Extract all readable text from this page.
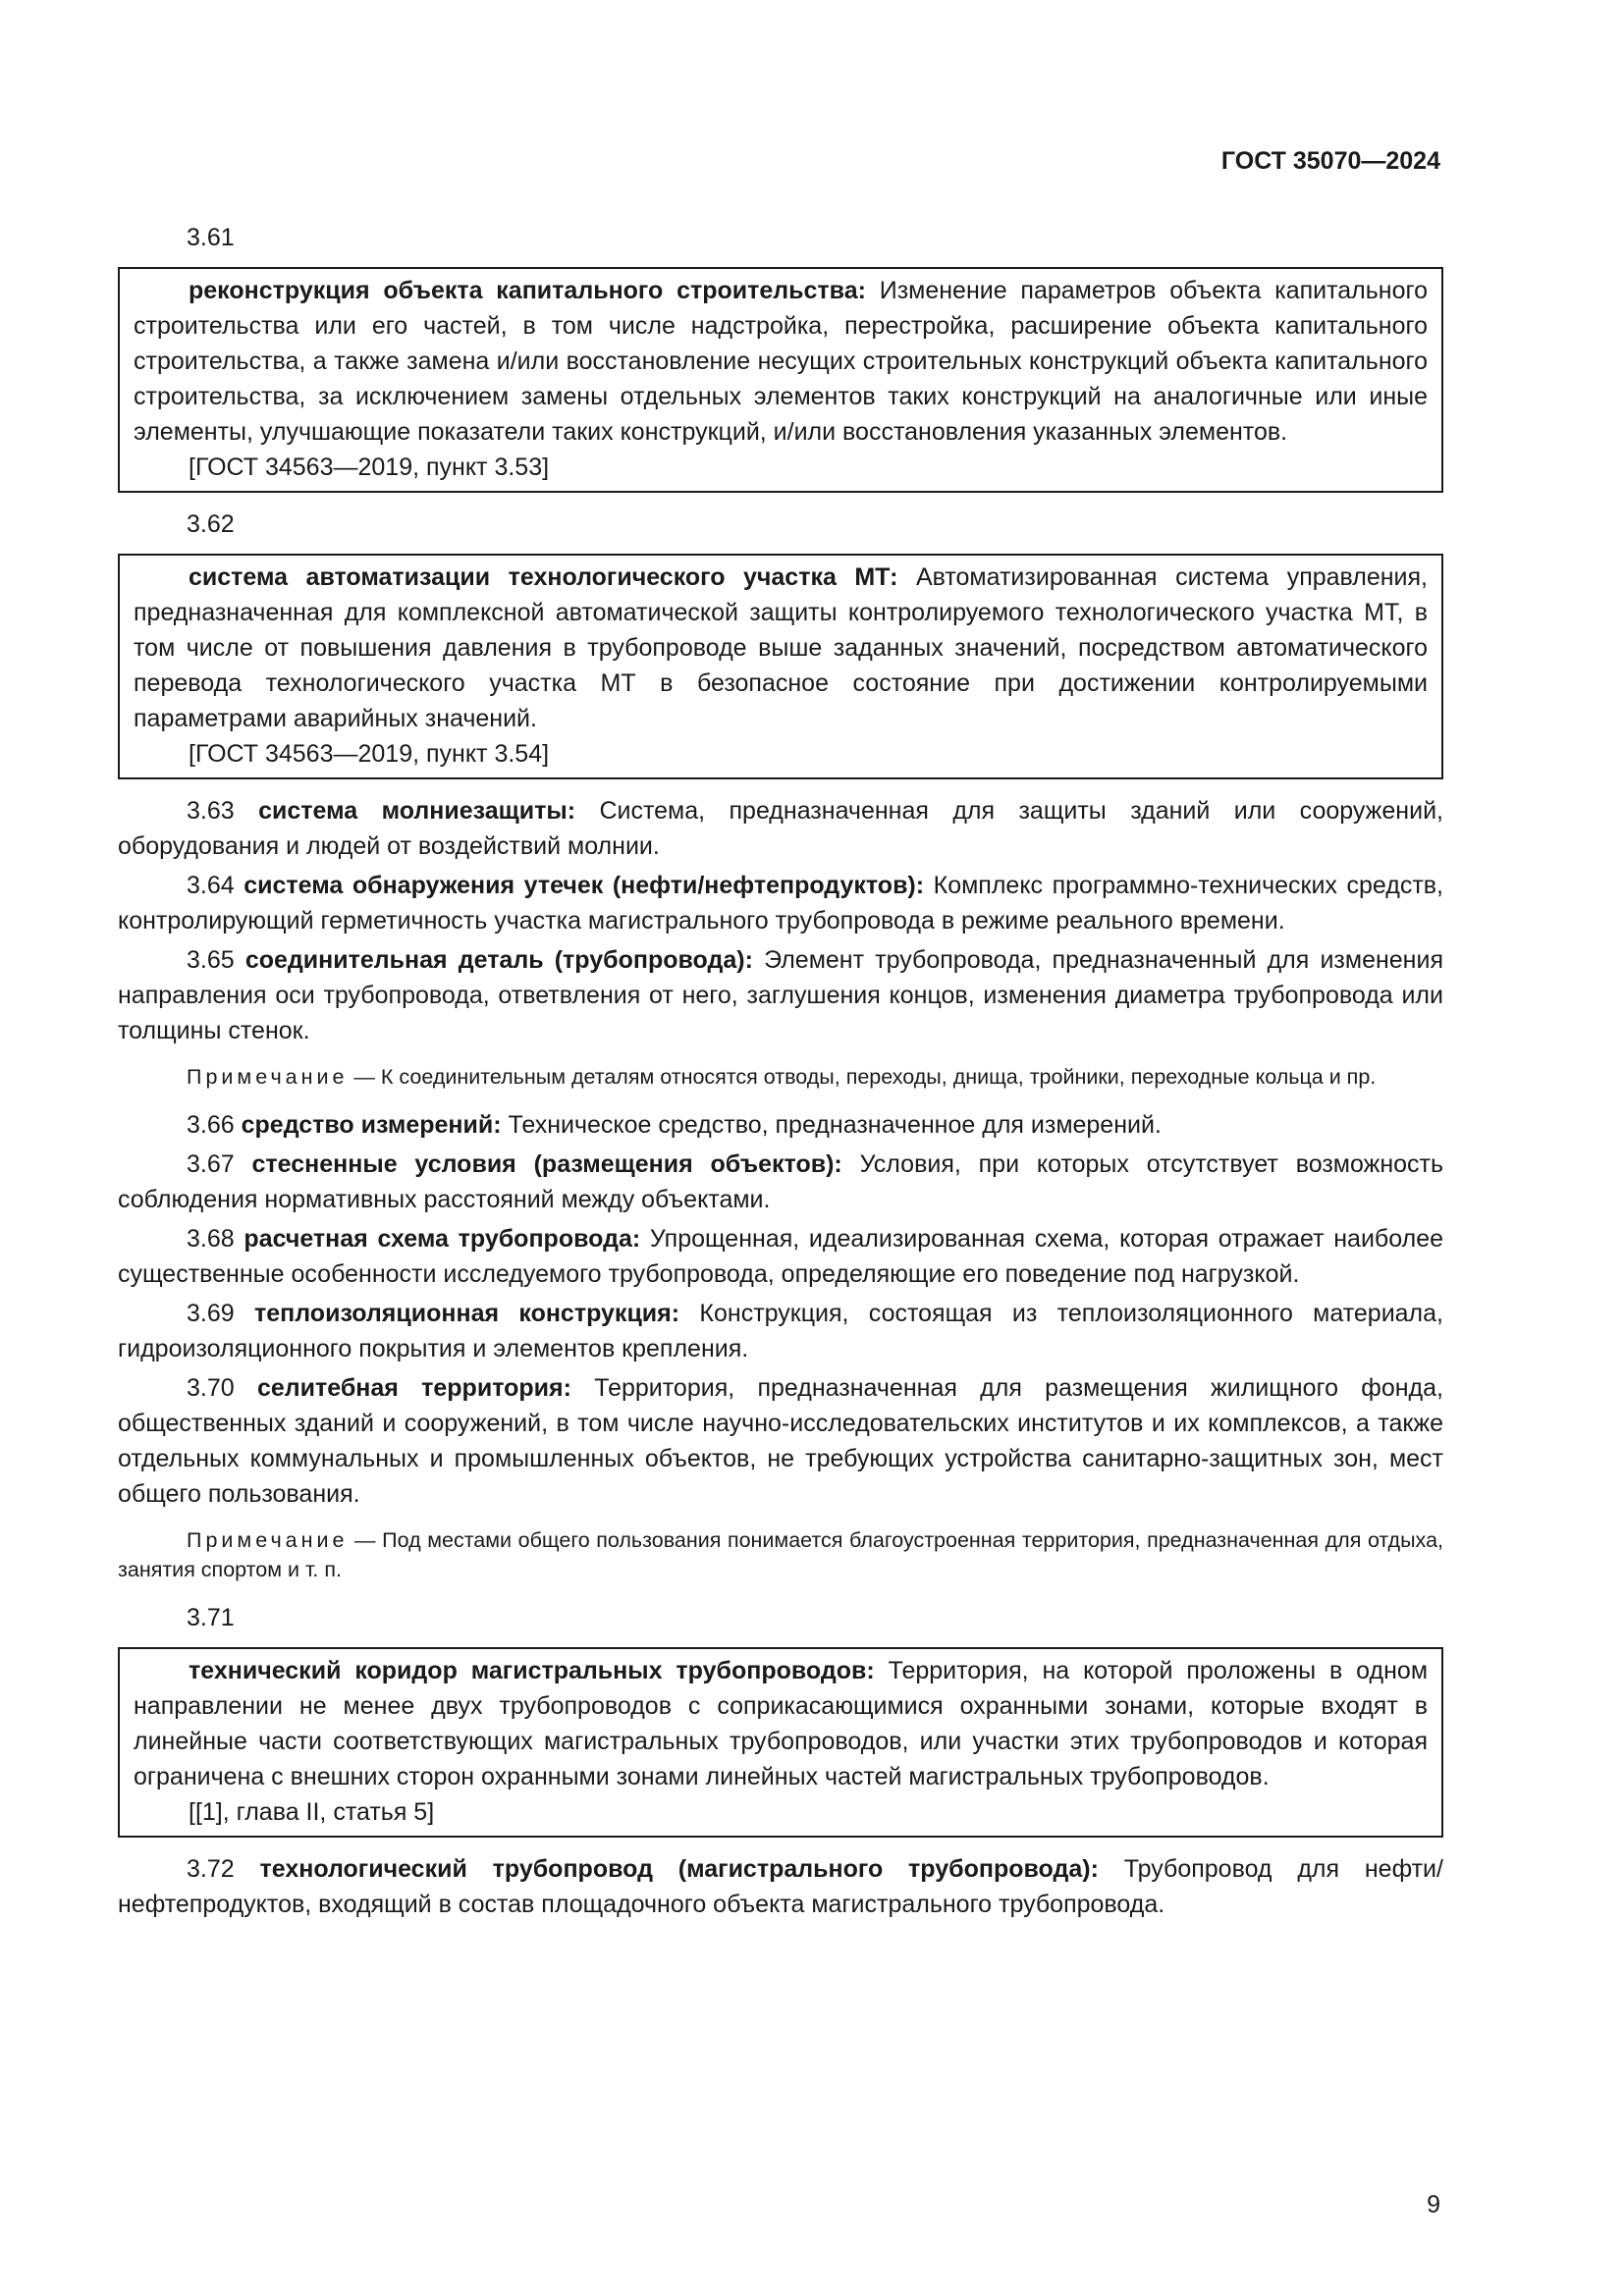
ГОСТ 35070—2024
3.61

реконструкция объекта капитального строительства: Изменение параметров объекта капитального строительства или его частей, в том числе надстройка, перестройка, расширение объекта капитального строительства, а также замена и/или восстановление несущих строительных конструкций объекта капитального строительства, за исключением замены отдельных элементов таких конструкций на аналогичные или иные элементы, улучшающие показатели таких конструкций, и/или восстановления указанных элементов.

[ГОСТ 34563—2019, пункт 3.53]
3.62

система автоматизации технологического участка МТ: Автоматизированная система управления, предназначенная для комплексной автоматической защиты контролируемого технологического участка МТ, в том числе от повышения давления в трубопроводе выше заданных значений, посредством автоматического перевода технологического участка МТ в безопасное состояние при достижении контролируемыми параметрами аварийных значений.

[ГОСТ 34563—2019, пункт 3.54]

3.63 система молниезащиты: Система, предназначенная для защиты зданий или сооружений, оборудования и людей от воздействий молнии.

3.64 система обнаружения утечек (нефти/нефтепродуктов): Комплекс программно-технических средств, контролирующий герметичность участка магистрального трубопровода в режиме реального времени.

3.65 соединительная деталь (трубопровода): Элемент трубопровода, предназначенный для изменения направления оси трубопровода, ответвления от него, заглушения концов, изменения диаметра трубопровода или толщины стенок.

Примечание — К соединительным деталям относятся отводы, переходы, днища, тройники, переходные кольца и пр.

3.66 средство измерений: Техническое средство, предназначенное для измерений.

3.67 стесненные условия (размещения объектов): Условия, при которых отсутствует возможность соблюдения нормативных расстояний между объектами.

3.68 расчетная схема трубопровода: Упрощенная, идеализированная схема, которая отражает наиболее существенные особенности исследуемого трубопровода, определяющие его поведение под нагрузкой.

3.69 теплоизоляционная конструкция: Конструкция, состоящая из теплоизоляционного материала, гидроизоляционного покрытия и элементов крепления.

3.70 селитебная территория: Территория, предназначенная для размещения жилищного фонда, общественных зданий и сооружений, в том числе научно-исследовательских институтов и их комплексов, а также отдельных коммунальных и промышленных объектов, не требующих устройства санитарно-защитных зон, мест общего пользования.

Примечание — Под местами общего пользования понимается благоустроенная территория, предназначенная для отдыха, занятия спортом и т. п.

3.71

технический коридор магистральных трубопроводов: Территория, на которой проложены в одном направлении не менее двух трубопроводов с соприкасающимися охранными зонами, которые входят в линейные части соответствующих магистральных трубопроводов, или участки этих трубопроводов и которая ограничена с внешних сторон охранными зонами линейных частей магистральных трубопроводов.

[[1], глава II, статья 5]

3.72 технологический трубопровод (магистрального трубопровода): Трубопровод для нефти/нефтепродуктов, входящий в состав площадочного объекта магистрального трубопровода.

9
